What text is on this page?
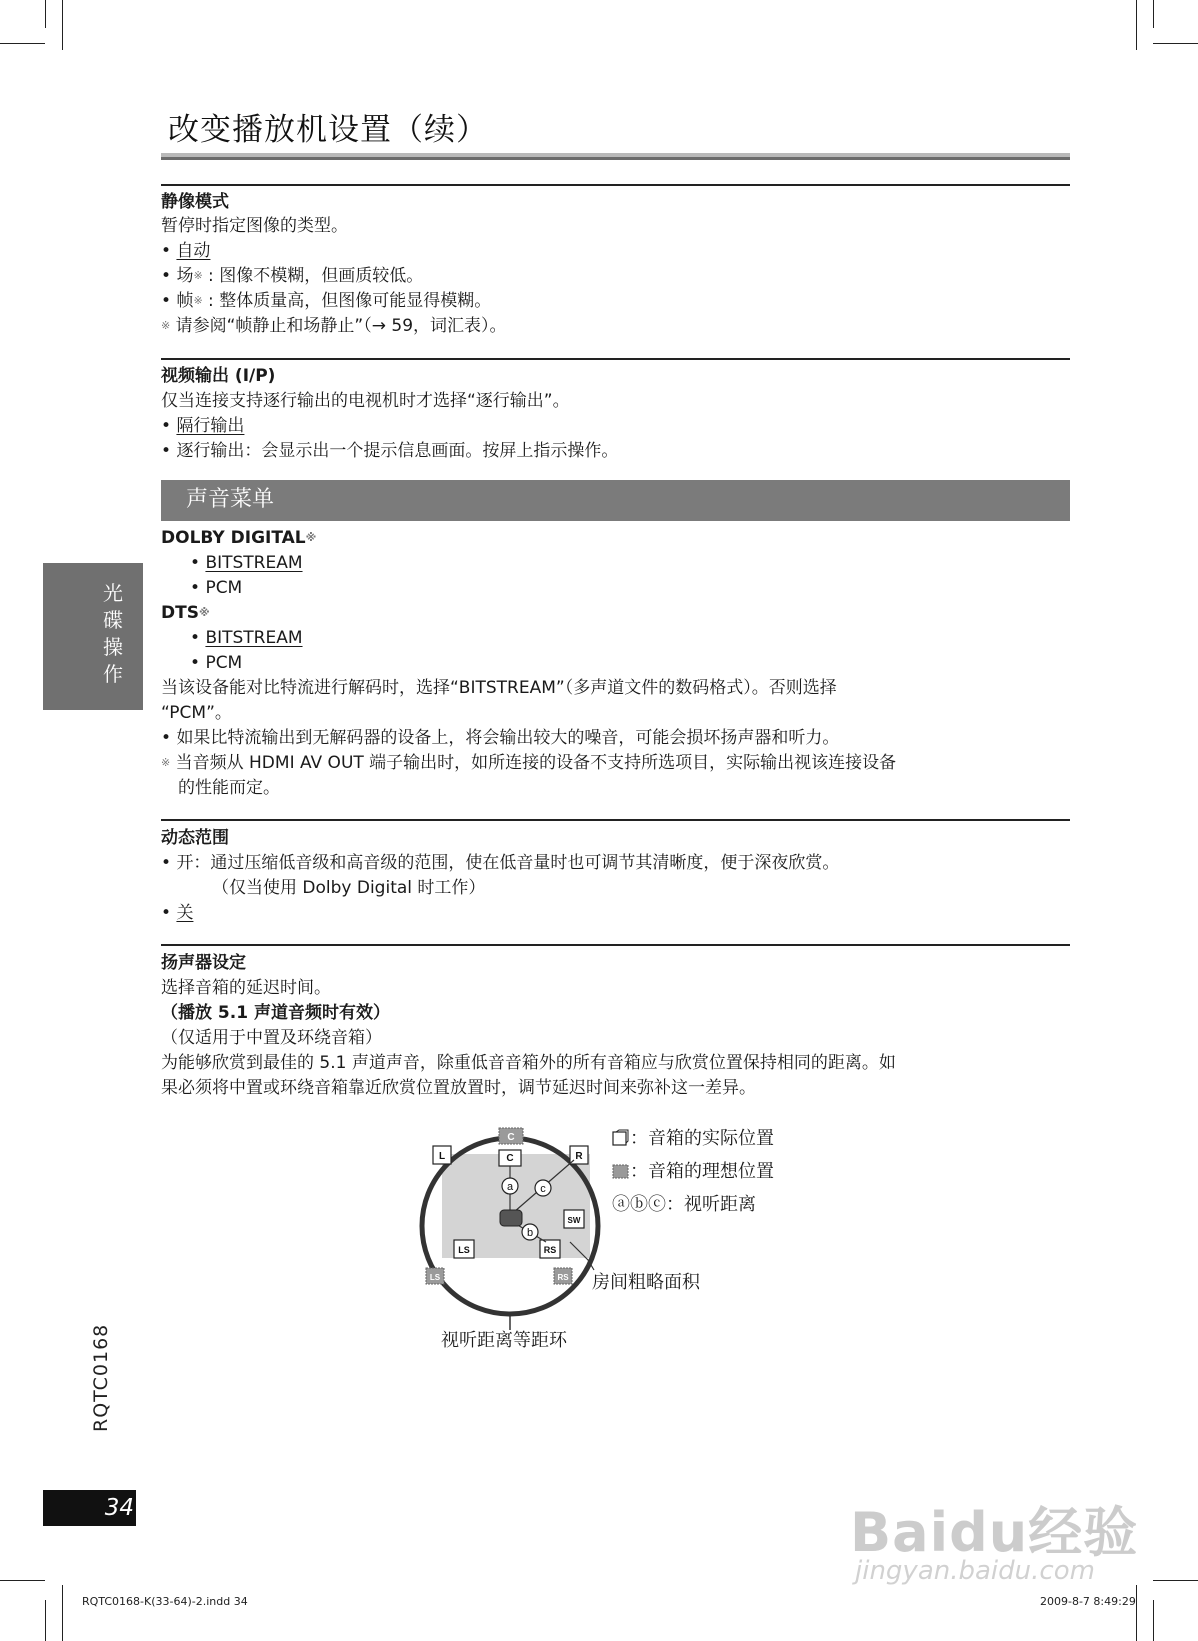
改变播放机设置（续）
静像模式
暂停时指定图像的类型。
• 自动
• 场※ : 图像不模糊，但画质较低。
• 帧※ : 整体质量高，但图像可能显得模糊。
※ 请参阅“帧静止和场静止”（→ 59，词汇表）。
视频输出 (I/P)
仅当连接支持逐行输出的电视机时才选择“逐行输出”。
• 隔行输出
• 逐行输出：会显示出一个提示信息画面。按屏上指示操作。
声音菜单
DOLBY DIGITAL※
• BITSTREAM
• PCM
DTS※
• BITSTREAM
• PCM
当该设备能对比特流进行解码时，选择“BITSTREAM”（多声道文件的数码格式）。否则选择
“PCM”。
• 如果比特流输出到无解码器的设备上，将会输出较大的噪音，可能会损坏扬声器和听力。
※ 当音频从 HDMI AV OUT 端子输出时，如所连接的设备不支持所选项目，实际输出视该连接设备
的性能而定。
动态范围
• 开：通过压缩低音级和高音级的范围，使在低音量时也可调节其清晰度，便于深夜欣赏。
（仅当使用 Dolby Digital 时工作）
• 关
扬声器设定
选择音箱的延迟时间。
（播放 5.1 声道音频时有效）
（仅适用于中置及环绕音箱）
为能够欣赏到最佳的 5.1 声道声音，除重低音音箱外的所有音箱应与欣赏位置保持相同的距离。如
果必须将中置或环绕音箱靠近欣赏位置放置时，调节延迟时间来弥补这一差异。
C
C
L	R
SW
LS	RS
LS	RS
a c
b
：音箱的实际位置
：音箱的理想位置
ⓐⓑⓒ：视听距离
房间粗略面积
视听距离等距环
光碟操作
RQTC0168
34	Baidu经验
jingyan.baidu.com
RQTC0168-K(33-64)-2.indd 34	2009-8-7 8:49:29
